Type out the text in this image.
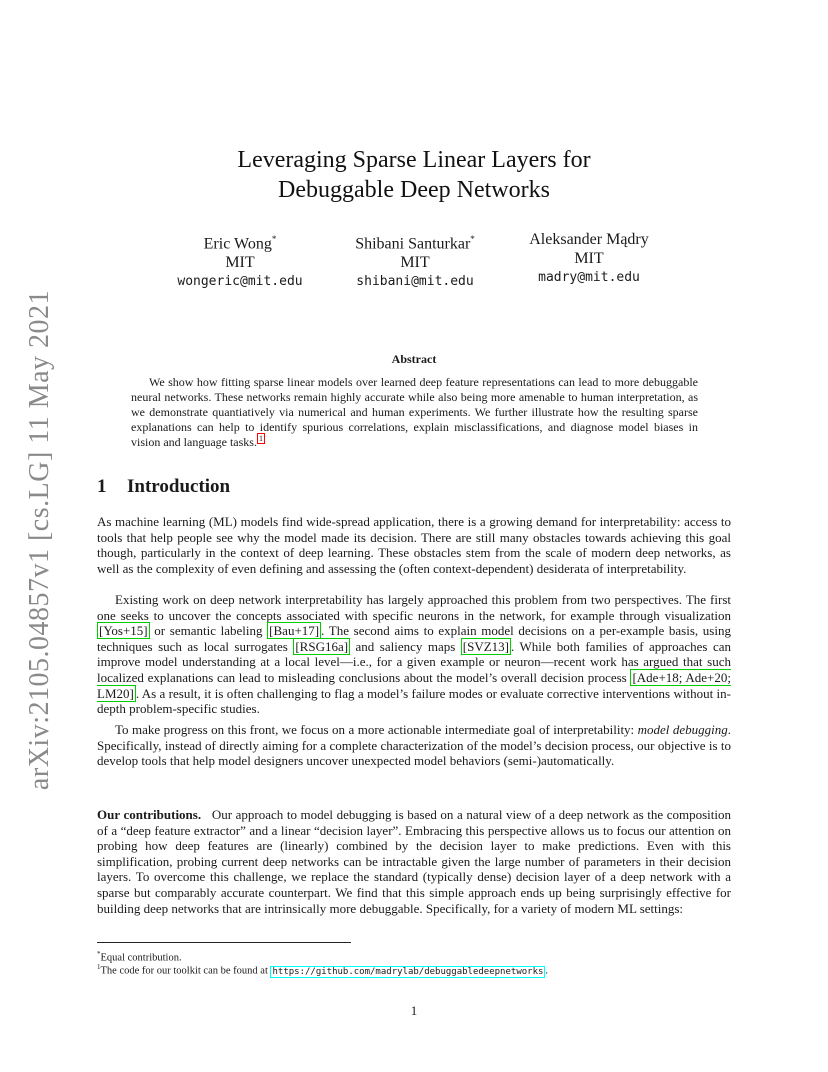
arXiv:2105.04857v1 [cs.LG] 11 May 2021
Leveraging Sparse Linear Layers for
Debuggable Deep Networks
Eric Wong*
MIT
wongeric@mit.edu
Shibani Santurkar*
MIT
shibani@mit.edu
Aleksander Mądry
MIT
madry@mit.edu
Abstract

We show how fitting sparse linear models over learned deep feature representations can lead to more debuggable neural networks. These networks remain highly accurate while also being more amenable to human interpretation, as we demonstrate quantiatively via numerical and human experiments. We further illustrate how the resulting sparse explanations can help to identify spurious correlations, explain misclassifications, and diagnose model biases in vision and language tasks. $^1$

1 Introduction

As machine learning (ML) models find wide-spread application, there is a growing demand for interpretability: access to tools that help people see why the model made its decision. There are still many obstacles towards achieving this goal though, particularly in the context of deep learning. These obstacles stem from the scale of modern deep networks, as well as the complexity of even defining and assessing the (often context-dependent) desiderata of interpretability.

Existing work on deep network interpretability has largely approached this problem from two perspectives. The first one seeks to uncover the concepts associated with specific neurons in the network, for example through visualization [Yos+15] or semantic labeling [Bau+17] . The second aims to explain model decisions on a per-example basis, using techniques such as local surrogates [RSG16a] and saliency maps [SVZ13] . While both families of approaches can improve model understanding at a local level—i.e., for a given example or neuron—recent work has argued that such localized explanations can lead to misleading conclusions about the model’s overall decision process [Ade+18; Ade+20; LM20] . As a result, it is often challenging to flag a model’s failure modes or evaluate corrective interventions without in-depth problem-specific studies.

To make progress on this front, we focus on a more actionable intermediate goal of interpretability: model debugging. Specifically, instead of directly aiming for a complete characterization of the model’s decision process, our objective is to develop tools that help model designers uncover unexpected model behaviors (semi-)automatically.

Our contributions. Our approach to model debugging is based on a natural view of a deep network as the composition of a “deep feature extractor” and a linear “decision layer”. Embracing this perspective allows us to focus our attention on probing how deep features are (linearly) combined by the decision layer to make predictions. Even with this simplification, probing current deep networks can be intractable given the large number of parameters in their decision layers. To overcome this challenge, we replace the standard (typically dense) decision layer of a deep network with a sparse but comparably accurate counterpart. We find that this simple approach ends up being surprisingly effective for building deep networks that are intrinsically more debuggable. Specifically, for a variety of modern ML settings:

*Equal contribution.
$^1$The code for our toolkit can be found at https://github.com/madrylab/debuggabledeepnetworks .
1
